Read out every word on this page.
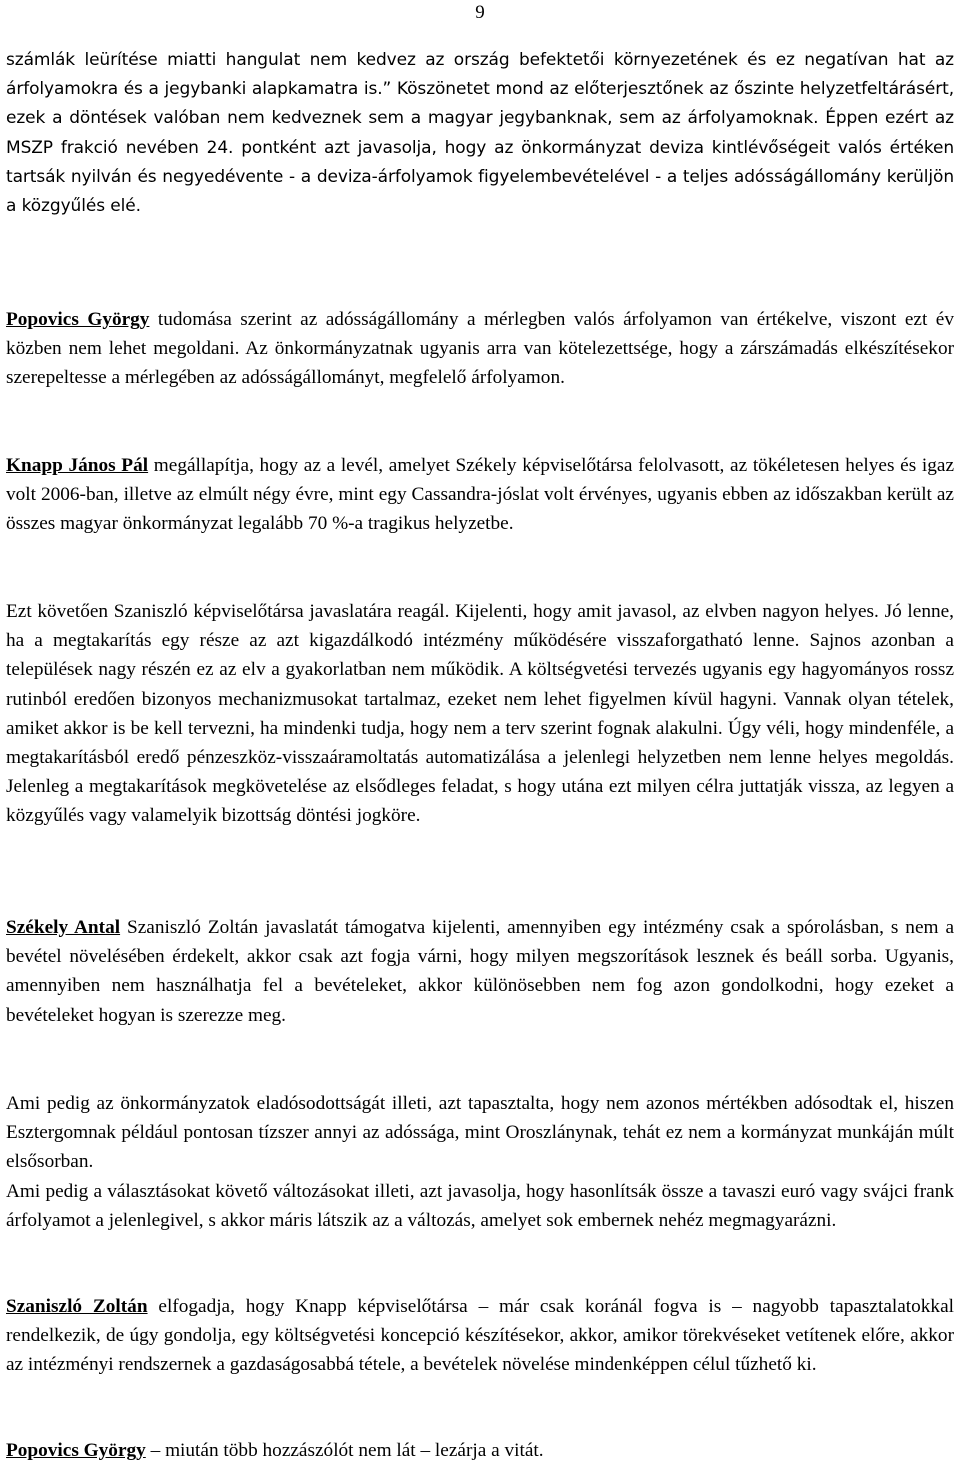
9

számlák leürítése miatti hangulat nem kedvez az ország befektetői környezetének és ez negatívan hat az árfolyamokra és a jegybanki alapkamatra is.” Köszönetet mond az előterjesztőnek az őszinte helyzetfeltárásért, ezek a döntések valóban nem kedveznek sem a magyar jegybanknak, sem az árfolyamoknak. Éppen ezért az MSZP frakció nevében 24. pontként azt javasolja, hogy az önkormányzat deviza kintlévőségeit valós értéken tartsák nyilván és negyedévente - a deviza-árfolyamok figyelembevételével - a teljes adósságállomány kerüljön a közgyűlés elé.

Popovics György tudomása szerint az adósságállomány a mérlegben valós árfolyamon van értékelve, viszont ezt év közben nem lehet megoldani. Az önkormányzatnak ugyanis arra van kötelezettsége, hogy a zárszámadás elkészítésekor szerepeltesse a mérlegében az adósságállományt, megfelelő árfolyamon.

Knapp János Pál megállapítja, hogy az a levél, amelyet Székely képviselőtársa felolvasott, az tökéletesen helyes és igaz volt 2006-ban, illetve az elmúlt négy évre, mint egy Cassandra-jóslat volt érvényes, ugyanis ebben az időszakban került az összes magyar önkormányzat legalább 70 %-a tragikus helyzetbe.

Ezt követően Szaniszló képviselőtársa javaslatára reagál. Kijelenti, hogy amit javasol, az elvben nagyon helyes. Jó lenne, ha a megtakarítás egy része az azt kigazdálkodó intézmény működésére visszaforgatható lenne. Sajnos azonban a települések nagy részén ez az elv a gyakorlatban nem működik. A költségvetési tervezés ugyanis egy hagyományos rossz rutinból eredően bizonyos mechanizmusokat tartalmaz, ezeket nem lehet figyelmen kívül hagyni. Vannak olyan tételek, amiket akkor is be kell tervezni, ha mindenki tudja, hogy nem a terv szerint fognak alakulni. Úgy véli, hogy mindenféle, a megtakarításból eredő pénzeszköz-visszaáramoltatás automatizálása a jelenlegi helyzetben nem lenne helyes megoldás. Jelenleg a megtakarítások megkövetelése az elsődleges feladat, s hogy utána ezt milyen célra juttatják vissza, az legyen a közgyűlés vagy valamelyik bizottság döntési jogköre.

Székely Antal Szaniszló Zoltán javaslatát támogatva kijelenti, amennyiben egy intézmény csak a spórolásban, s nem a bevétel növelésében érdekelt, akkor csak azt fogja várni, hogy milyen megszorítások lesznek és beáll sorba. Ugyanis, amennyiben nem használhatja fel a bevételeket, akkor különösebben nem fog azon gondolkodni, hogy ezeket a bevételeket hogyan is szerezze meg.

Ami pedig az önkormányzatok eladósodottságát illeti, azt tapasztalta, hogy nem azonos mértékben adósodtak el, hiszen Esztergomnak például pontosan tízszer annyi az adóssága, mint Oroszlánynak, tehát ez nem a kormányzat munkáján múlt elsősorban.
Ami pedig a választásokat követő változásokat illeti, azt javasolja, hogy hasonlítsák össze a tavaszi euró vagy svájci frank árfolyamot a jelenlegivel, s akkor máris látszik az a változás, amelyet sok embernek nehéz megmagyarázni.

Szaniszló Zoltán elfogadja, hogy Knapp képviselőtársa – már csak koránál fogva is – nagyobb tapasztalatokkal rendelkezik, de úgy gondolja, egy költségvetési koncepció készítésekor, akkor, amikor törekvéseket vetítenek előre, akkor az intézményi rendszernek a gazdaságosabbá tétele, a bevételek növelése mindenképpen célul tűzhető ki.

Popovics György – miután több hozzászólót nem lát – lezárja a vitát.
